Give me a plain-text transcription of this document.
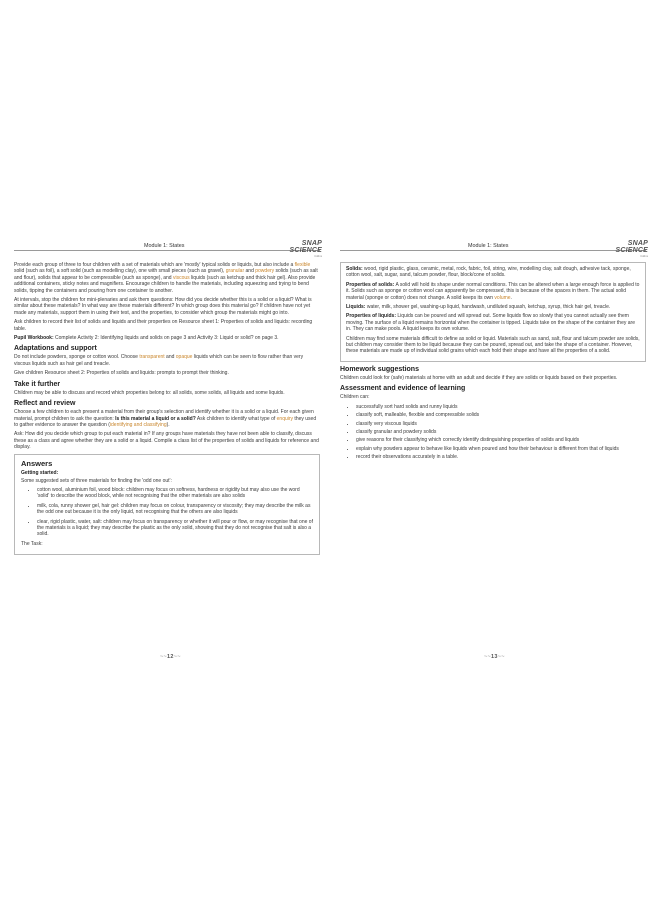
Module 1: States	SNAP
SCIENCE
Collins

Provide each group of three to four children with a set of materials which are 'mostly' typical solids or liquids, but also include a flexible solid (such as foil), a soft solid (such as modelling clay), one with small pieces (such as gravel), granular and powdery solids (such as salt and flour), solids that appear to be compressible (such as sponge), and viscous liquids (such as ketchup and thick hair gel). Also provide additional containers, sticky notes and magnifiers. Encourage children to handle the materials, including squeezing and trying to bend solids, tipping the containers and pouring from one container to another.

At intervals, stop the children for mini-plenaries and ask them questions: How did you decide whether this is a solid or a liquid? What is similar about these materials? In what way are these materials different? In which group does this material go? If children have not yet made any materials, support them in using their test, and the properties, to consider which group the materials might go into.

Ask children to record their list of solids and liquids and their properties on Resource sheet 1: Properties of solids and liquids: recording table.

Pupil Workbook: Complete Activity 2: Identifying liquids and solids on page 3 and Activity 3: Liquid or solid? on page 3.

Adaptations and support

Do not include powders, sponge or cotton wool. Choose transparent and opaque liquids which can be seen to flow rather than very viscous liquids such as hair gel and treacle.

Give children Resource sheet 2: Properties of solids and liquids: prompts to prompt their thinking.

Take it further

Children may be able to discuss and record which properties belong to: all solids, some solids, all liquids and some liquids.

Reflect and review

Choose a few children to each present a material from their group's selection and identify whether it is a solid or a liquid. For each given material, prompt children to ask the question: Is this material a liquid or a solid? Ask children to identify what type of enquiry they used to gather evidence to answer the question (identifying and classifying).

Ask: How did you decide which group to put each material in? If any groups have materials they have not been able to classify, discuss these as a class and agree whether they are a solid or a liquid. Compile a class list of the properties of solids and liquids for reference and display.

Answers
Getting started:

Some suggested sets of three materials for finding the 'odd one out':

• cotton wool, aluminium foil, wood block: children may focus on softness, hardness or rigidity but may also use the word 'solid' to describe the wood block, while not recognising that the other materials are also solids
• milk, cola, runny shower gel, hair gel: children may focus on colour, transparency or viscosity; they may describe the milk as the odd one out because it is the only liquid, not recognising that the others are also liquids
• clear, rigid plastic, water, salt: children may focus on transparency or whether it will pour or flow, or may recognise that one of the materials is a liquid; they may describe the plastic as the only solid, showing that they do not recognise that salt is also a solid.

The Task:

~~12~~
Module 1: States	SNAP
SCIENCE
Collins

Solids: wood, rigid plastic, glass, ceramic, metal, rock, fabric, foil, string, wire, modelling clay, salt dough, adhesive tack, sponge, cotton wool, salt, sugar, sand, talcum powder, flour, block/cone of solids.

Properties of solids: A solid will hold its shape under normal conditions. This can be altered when a large enough force is applied to it. Solids such as sponge or cotton wool can apparently be compressed, this is because of the spaces in them. The actual solid material (sponge or cotton) does not change. A solid keeps its own volume.

Liquids: water, milk, shower gel, washing-up liquid, handwash, undiluted squash, ketchup, syrup, thick hair gel, treacle.

Properties of liquids: Liquids can be poured and will spread out. Some liquids flow so slowly that you cannot actually see them moving. The surface of a liquid remains horizontal when the container is tipped. Liquids take on the shape of the container they are in. They can make pools. A liquid keeps its own volume.

Children may find some materials difficult to define as solid or liquid. Materials such as sand, salt, flour and talcum powder are solids, but children may consider them to be liquid because they can be poured, spread out, and take the shape of a container. However, these materials are made up of individual solid grains which each hold their shape and have all the properties of a solid.

Homework suggestions

Children could look for (safe) materials at home with an adult and decide if they are solids or liquids based on their properties.

Assessment and evidence of learning

Children can:

• successfully sort hard solids and runny liquids
• classify soft, malleable, flexible and compressible solids
• classify very viscous liquids
• classify granular and powdery solids
• give reasons for their classifying which correctly identify distinguishing properties of solids and liquids
• explain why powders appear to behave like liquids when poured and how their behaviour is different from that of liquids
• record their observations accurately in a table.
~~13~~
